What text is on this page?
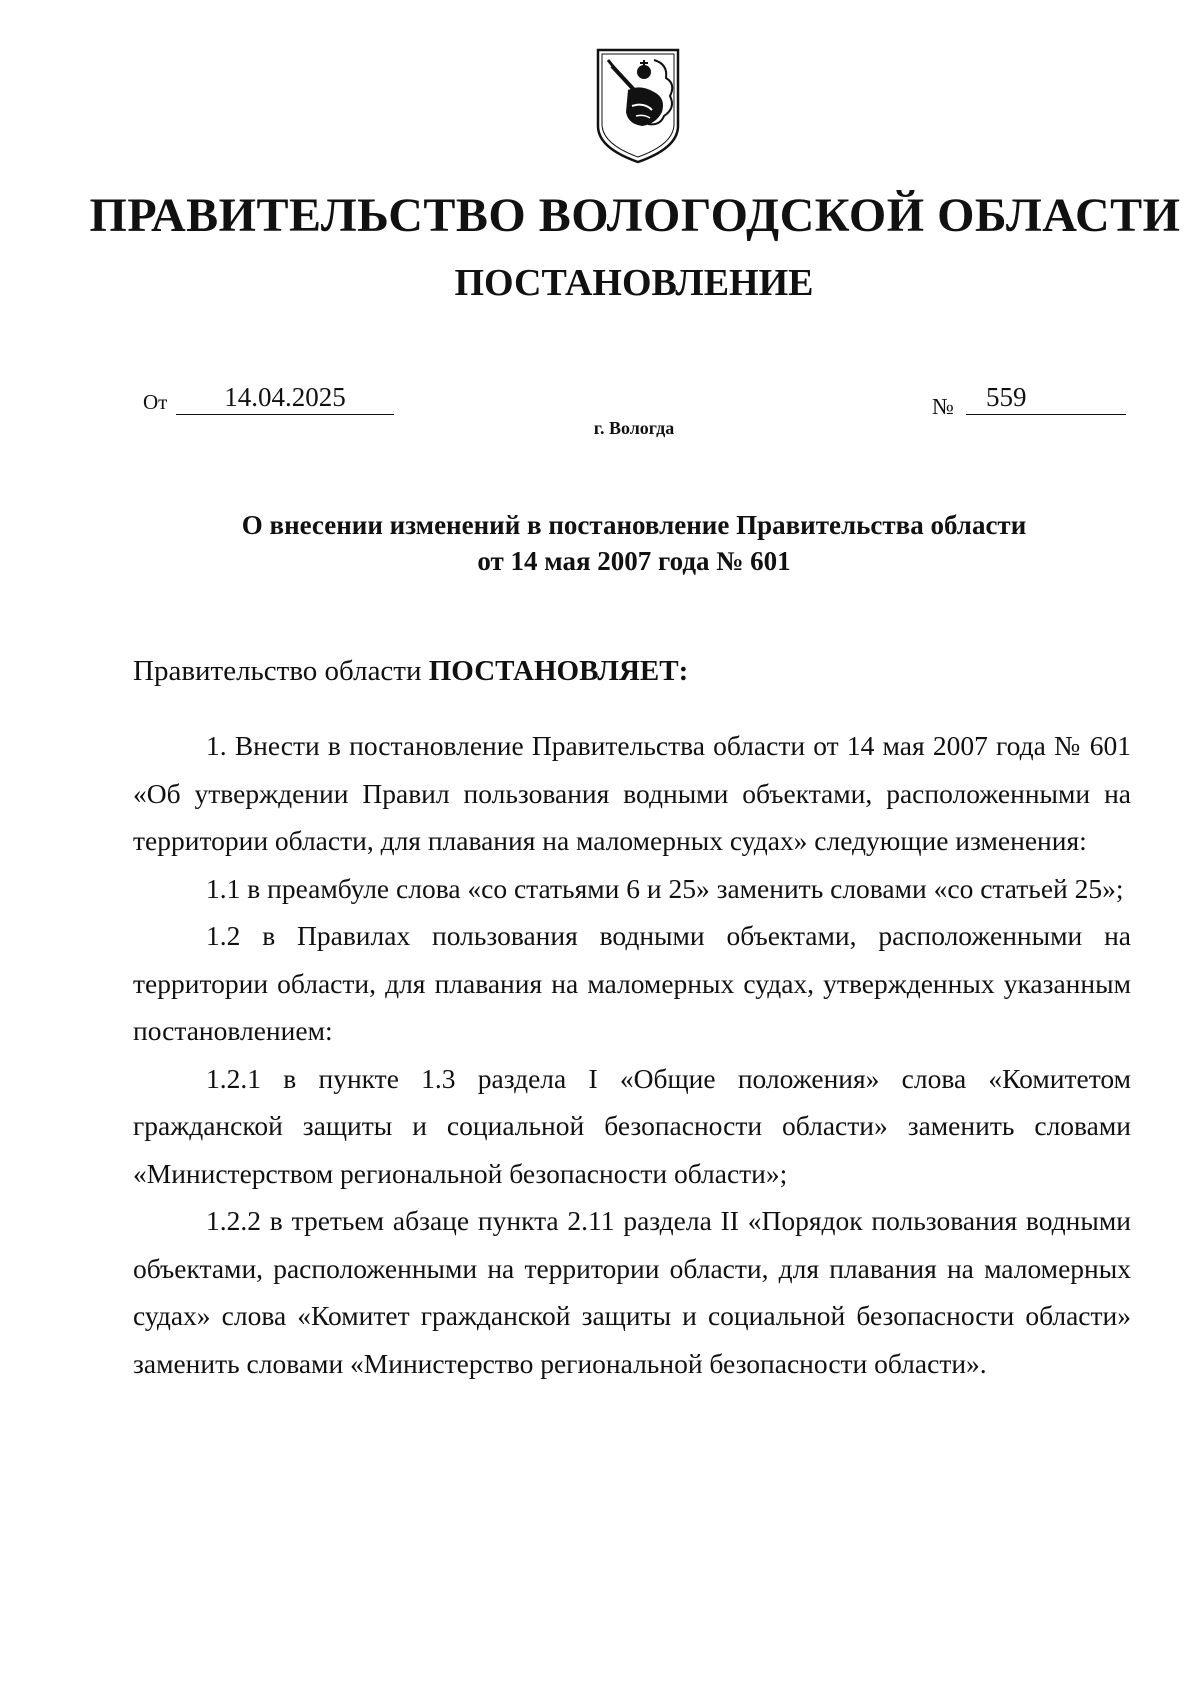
ПРАВИТЕЛЬСТВО ВОЛОГОДСКОЙ ОБЛАСТИ
ПОСТАНОВЛЕНИЕ
От	14.04.2025	№	559
г. Вологда
О внесении изменений в постановление Правительства области
от 14 мая 2007 года № 601
Правительство области ПОСТАНОВЛЯЕТ:

1. Внести в постановление Правительства области от 14 мая 2007 года № 601 «Об утверждении Правил пользования водными объектами, расположенными на территории области, для плавания на маломерных судах» следующие изменения:

1.1 в преамбуле слова «со статьями 6 и 25» заменить словами «со статьей 25»;

1.2 в Правилах пользования водными объектами, расположенными на территории области, для плавания на маломерных судах, утвержденных указанным постановлением:

1.2.1 в пункте 1.3 раздела I «Общие положения» слова «Комитетом гражданской защиты и социальной безопасности области» заменить словами «Министерством региональной безопасности области»;

1.2.2 в третьем абзаце пункта 2.11 раздела II «Порядок пользования водными объектами, расположенными на территории области, для плавания на маломерных судах» слова «Комитет гражданской защиты и социальной безопасности области» заменить словами «Министерство региональной безопасности области».
